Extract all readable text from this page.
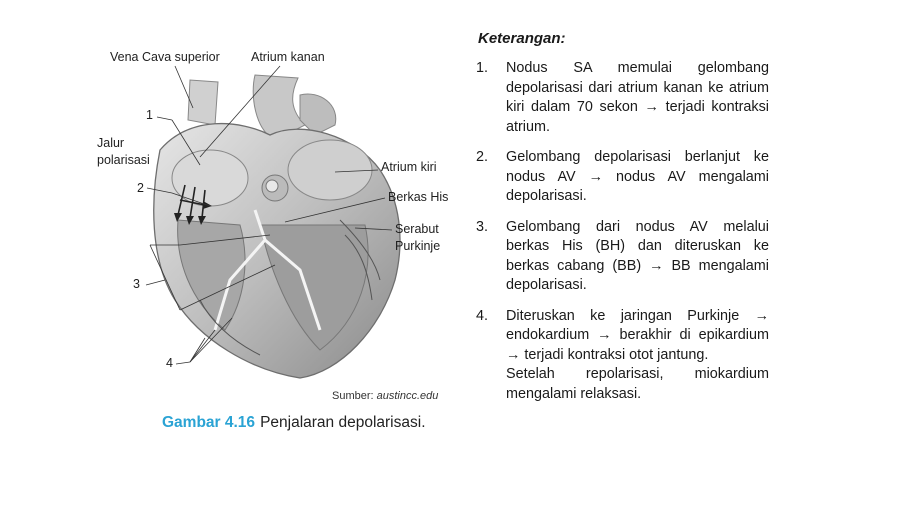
Vena Cava superior Atrium kanan
1
Jalur
polarisasi	Atrium kiri
2
Berkas His
Serabut
Purkinje
3
4
Sumber: austincc.edu
Gambar 4.16 Penjalaran depolarisasi.
Keterangan:
1. Nodus SA memulai gelombang depolarisasi dari atrium kanan ke atrium kiri dalam 70 sekon → terjadi kontraksi atrium.
2. Gelombang depolarisasi berlanjut ke nodus AV → nodus AV mengalami depolarisasi.
3. Gelombang dari nodus AV melalui berkas His (BH) dan diteruskan ke berkas cabang (BB) → BB mengalami depolarisasi.
4. Diteruskan ke jaringan Purkinje → endokardium → berakhir di epikardium → terjadi kontraksi otot jantung.
Setelah repolarisasi, miokardium mengalami relaksasi.
